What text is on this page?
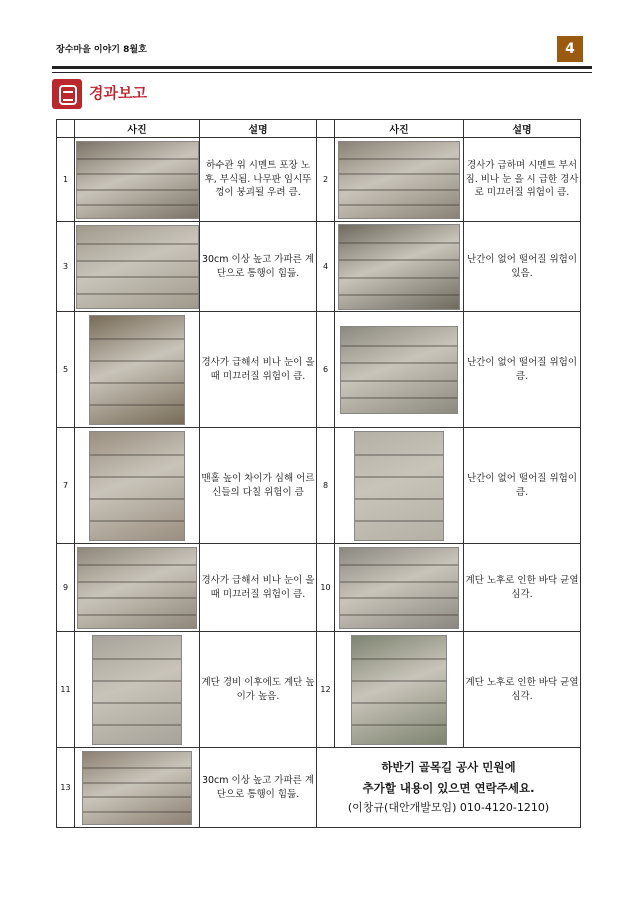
장수마을 이야기 8월호	4
경과보고
	사진	설명		사진	설명
1		하수관 위 시멘트 포장 노후, 부식됨. 나무판 임시뚜껑이 붕괴될 우려 큼.	2		경사가 급하며 시멘트 부서짐. 비나 눈 올 시 급한 경사로 미끄러질 위험이 큼.
3		30cm 이상 높고 가파른 계단으로 통행이 힘듦.	4		난간이 없어 떨어질 위험이 있음.
5		경사가 급해서 비나 눈이 올 때 미끄러질 위험이 큼.	6		난간이 없어 떨어질 위험이 큼.
7		맨홀 높이 차이가 심해 어르신들의 다칠 위험이 큼	8		난간이 없어 떨어질 위험이 큼.
9		경사가 급해서 비나 눈이 올 때 미끄러질 위험이 큼.	10		계단 노후로 인한 바닥 균열 심각.
11		계단 경비 이후에도 계단 높이가 높음.	12		계단 노후로 인한 바닥 균열 심각.
13		30cm 이상 높고 가파른 계단으로 통행이 힘듦.	하반기 골목길 공사 민원에
추가할 내용이 있으면 연락주세요.
(이창규(대안개발모임) 010-4120-1210)		
